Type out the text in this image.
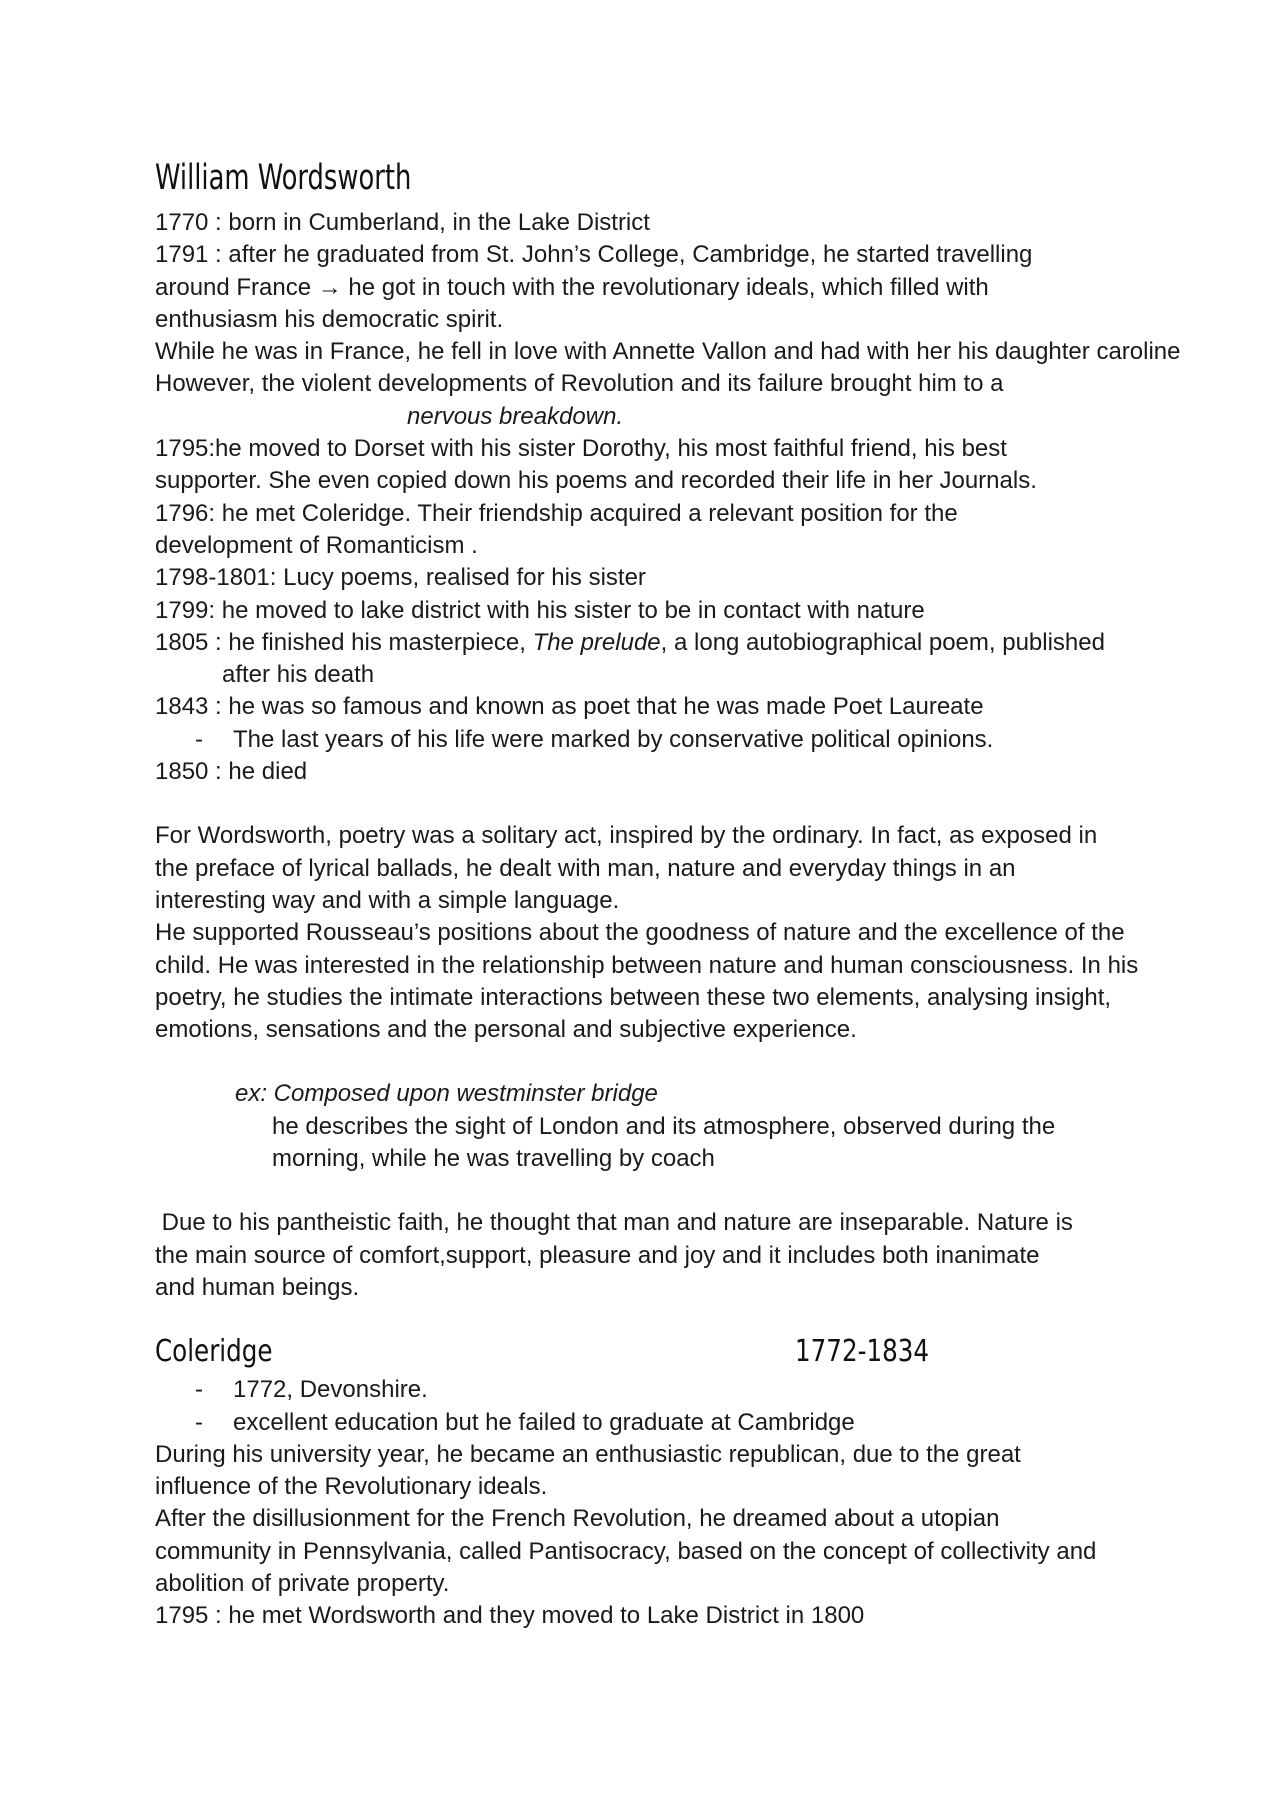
William Wordsworth
1770 : born in Cumberland, in the Lake District
1791 : after he graduated from St. John’s College, Cambridge, he started travelling
around France → he got in touch with the revolutionary ideals, which filled with
enthusiasm his democratic spirit.
While he was in France, he fell in love with Annette Vallon and had with her his daughter caroline
However, the violent developments of Revolution and its failure brought him to a
nervous breakdown.
1795:he moved to Dorset with his sister Dorothy, his most faithful friend, his best
supporter. She even copied down his poems and recorded their life in her Journals.
1796: he met Coleridge. Their friendship acquired a relevant position for the
development of Romanticism .
1798-1801: Lucy poems, realised for his sister
1799: he moved to lake district with his sister to be in contact with nature
1805 : he finished his masterpiece, The prelude, a long autobiographical poem, published
after his death
1843 : he was so famous and known as poet that he was made Poet Laureate
- The last years of his life were marked by conservative political opinions.
1850 : he died
For Wordsworth, poetry was a solitary act, inspired by the ordinary. In fact, as exposed in
the preface of lyrical ballads, he dealt with man, nature and everyday things in an
interesting way and with a simple language.
He supported Rousseau’s positions about the goodness of nature and the excellence of the
child. He was interested in the relationship between nature and human consciousness. In his
poetry, he studies the intimate interactions between these two elements, analysing insight,
emotions, sensations and the personal and subjective experience.
ex: Composed upon westminster bridge
he describes the sight of London and its atmosphere, observed during the
morning, while he was travelling by coach
Due to his pantheistic faith, he thought that man and nature are inseparable. Nature is
the main source of comfort,support, pleasure and joy and it includes both inanimate
and human beings.
Coleridge	1772-1834
- 1772, Devonshire.
- excellent education but he failed to graduate at Cambridge
During his university year, he became an enthusiastic republican, due to the great
influence of the Revolutionary ideals.
After the disillusionment for the French Revolution, he dreamed about a utopian
community in Pennsylvania, called Pantisocracy, based on the concept of collectivity and
abolition of private property.
1795 : he met Wordsworth and they moved to Lake District in 1800
